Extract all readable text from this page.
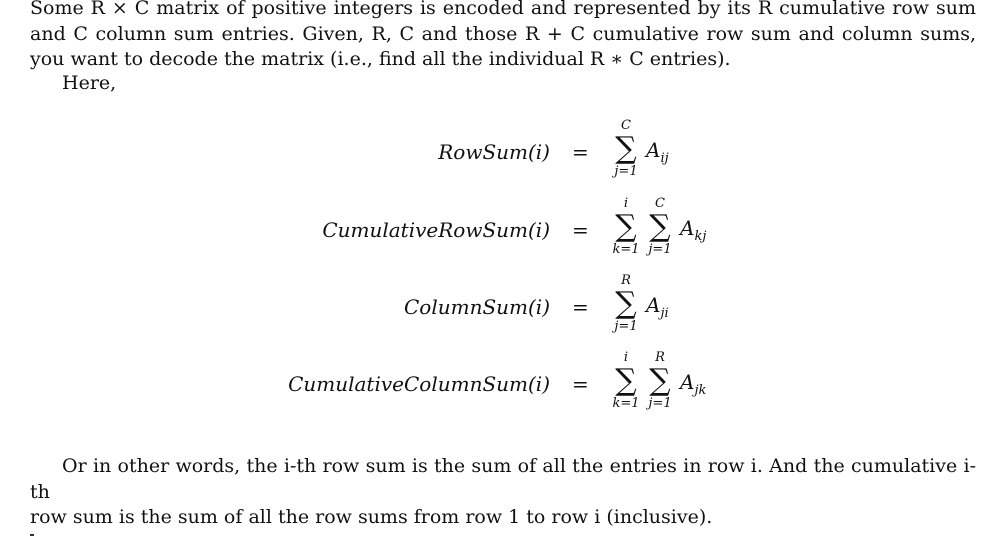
Some R × C matrix of positive integers is encoded and represented by its R cumulative row sum and C column sum entries. Given, R, C and those R + C cumulative row sum and column sums, you want to decode the matrix (i.e., find all the individual R ∗ C entries).

Here,

RowSum(i) =
C
∑
j=1
$A_{ij}$
CumulativeRowSum(i) =
i
∑
k=1
C
∑
j=1
$A_{kj}$
ColumnSum(i) =
R
∑
j=1
$A_{ji}$
CumulativeColumnSum(i) =
i
∑
k=1
R
∑
j=1
$A_{jk}$

Or in other words, the i-th row sum is the sum of all the entries in row i. And the cumulative i-th
row sum is the sum of all the row sums from row 1 to row i (inclusive).
